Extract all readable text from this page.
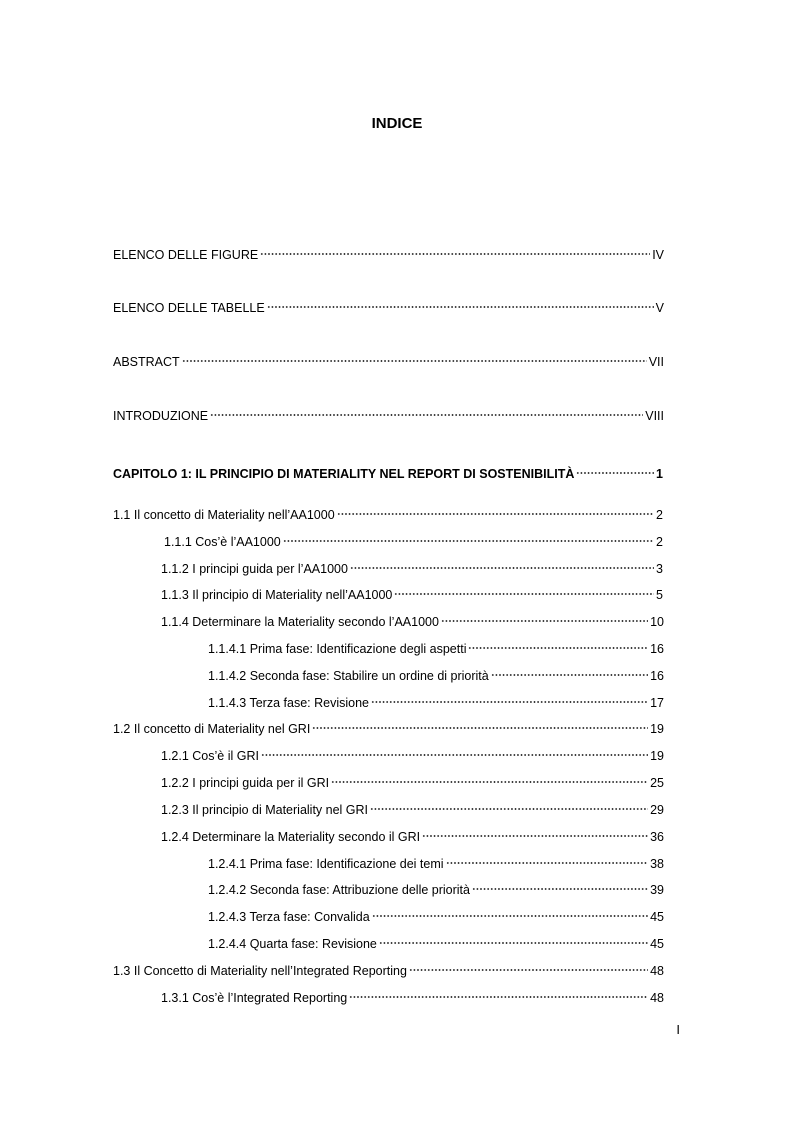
INDICE
ELENCO DELLE FIGURE	IV
ELENCO DELLE TABELLE	V
ABSTRACT	VII
INTRODUZIONE	VIII
CAPITOLO 1: IL PRINCIPIO DI MATERIALITY NEL REPORT DI SOSTENIBILITÀ	1
1.1 Il concetto di Materiality nell’AA1000	2
1.1.1 Cos’è l’AA1000	2
1.1.2 I principi guida per l’AA1000	3
1.1.3 Il principio di Materiality nell’AA1000	5
1.1.4 Determinare la Materiality secondo l’AA1000	10
1.1.4.1 Prima fase: Identificazione degli aspetti	16
1.1.4.2 Seconda fase: Stabilire un ordine di priorità	16
1.1.4.3 Terza fase: Revisione	17
1.2 Il concetto di Materiality nel GRI	19
1.2.1 Cos’è il GRI	19
1.2.2 I principi guida per il GRI	25
1.2.3 Il principio di Materiality nel GRI	29
1.2.4 Determinare la Materiality secondo il GRI	36
1.2.4.1 Prima fase: Identificazione dei temi	38
1.2.4.2 Seconda fase: Attribuzione delle priorità	39
1.2.4.3 Terza fase: Convalida	45
1.2.4.4 Quarta fase: Revisione	45
1.3 Il Concetto di Materiality nell’Integrated Reporting	48
1.3.1 Cos’è l’Integrated Reporting	48
I
